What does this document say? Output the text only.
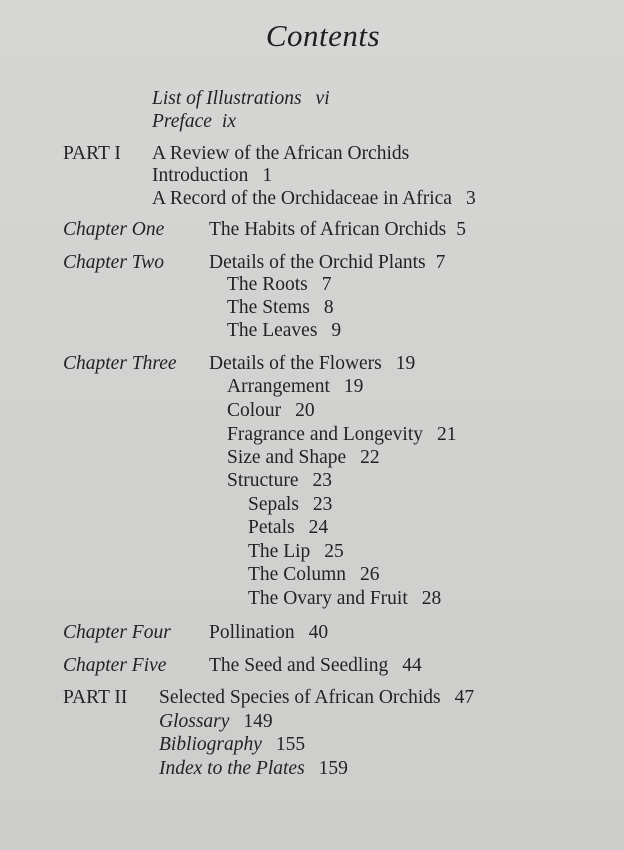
Contents
List of Illustrations vi
Preface ix
PART I A Review of the African Orchids
Introduction 1
A Record of the Orchidaceae in Africa 3
Chapter One The Habits of African Orchids 5
Chapter Two Details of the Orchid Plants 7
The Roots 7
The Stems 8
The Leaves 9
Chapter Three Details of the Flowers 19
Arrangement 19
Colour 20
Fragrance and Longevity 21
Size and Shape 22
Structure 23
Sepals 23
Petals 24
The Lip 25
The Column 26
The Ovary and Fruit 28
Chapter Four Pollination 40
Chapter Five The Seed and Seedling 44
PART II Selected Species of African Orchids 47
Glossary 149
Bibliography 155
Index to the Plates 159
